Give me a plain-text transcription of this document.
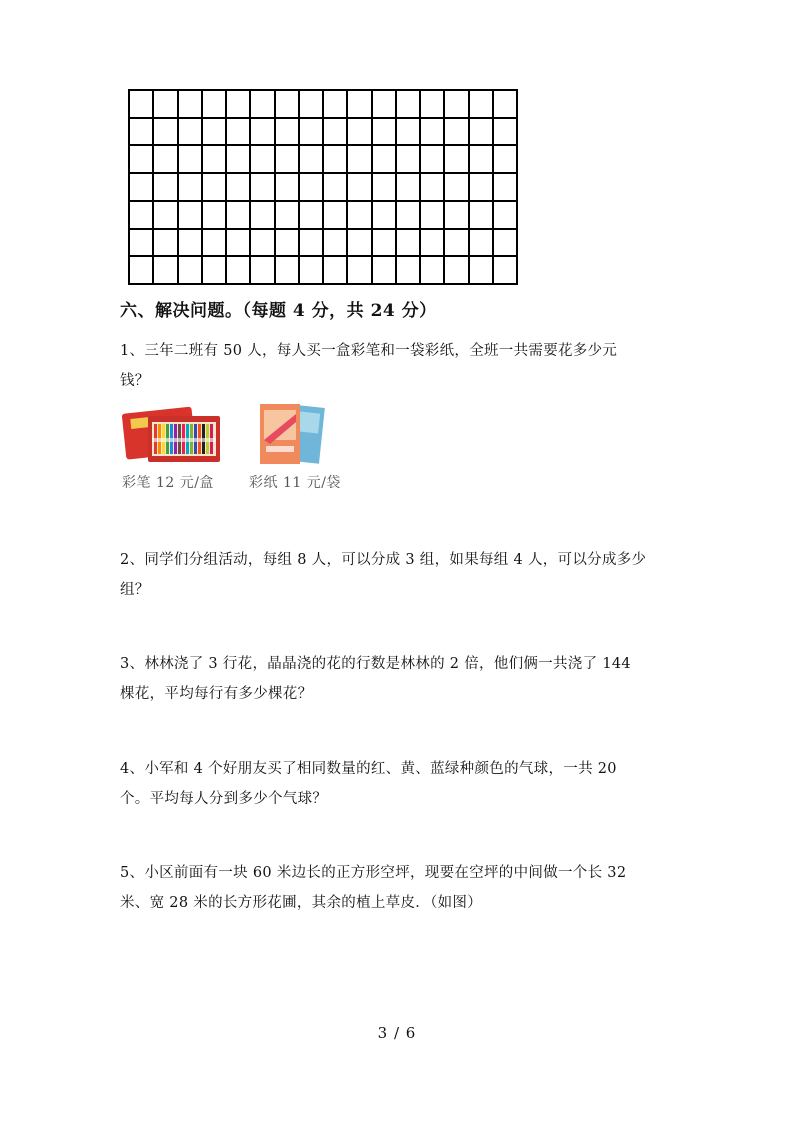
六、解决问题。（每题 4 分，共 24 分）
1、三年二班有 50 人，每人买一盒彩笔和一袋彩纸，全班一共需要花多少元
钱？
彩笔 12 元/盒	彩纸 11 元/袋
2、同学们分组活动，每组 8 人，可以分成 3 组，如果每组 4 人，可以分成多少
组？
3、林林浇了 3 行花，晶晶浇的花的行数是林林的 2 倍，他们俩一共浇了 144
棵花，平均每行有多少棵花？
4、小军和 4 个好朋友买了相同数量的红、黄、蓝绿种颜色的气球，一共 20
个。平均每人分到多少个气球？
5、小区前面有一块 60 米边长的正方形空坪，现要在空坪的中间做一个长 32
米、宽 28 米的长方形花圃，其余的植上草皮．（如图）
3 / 6
